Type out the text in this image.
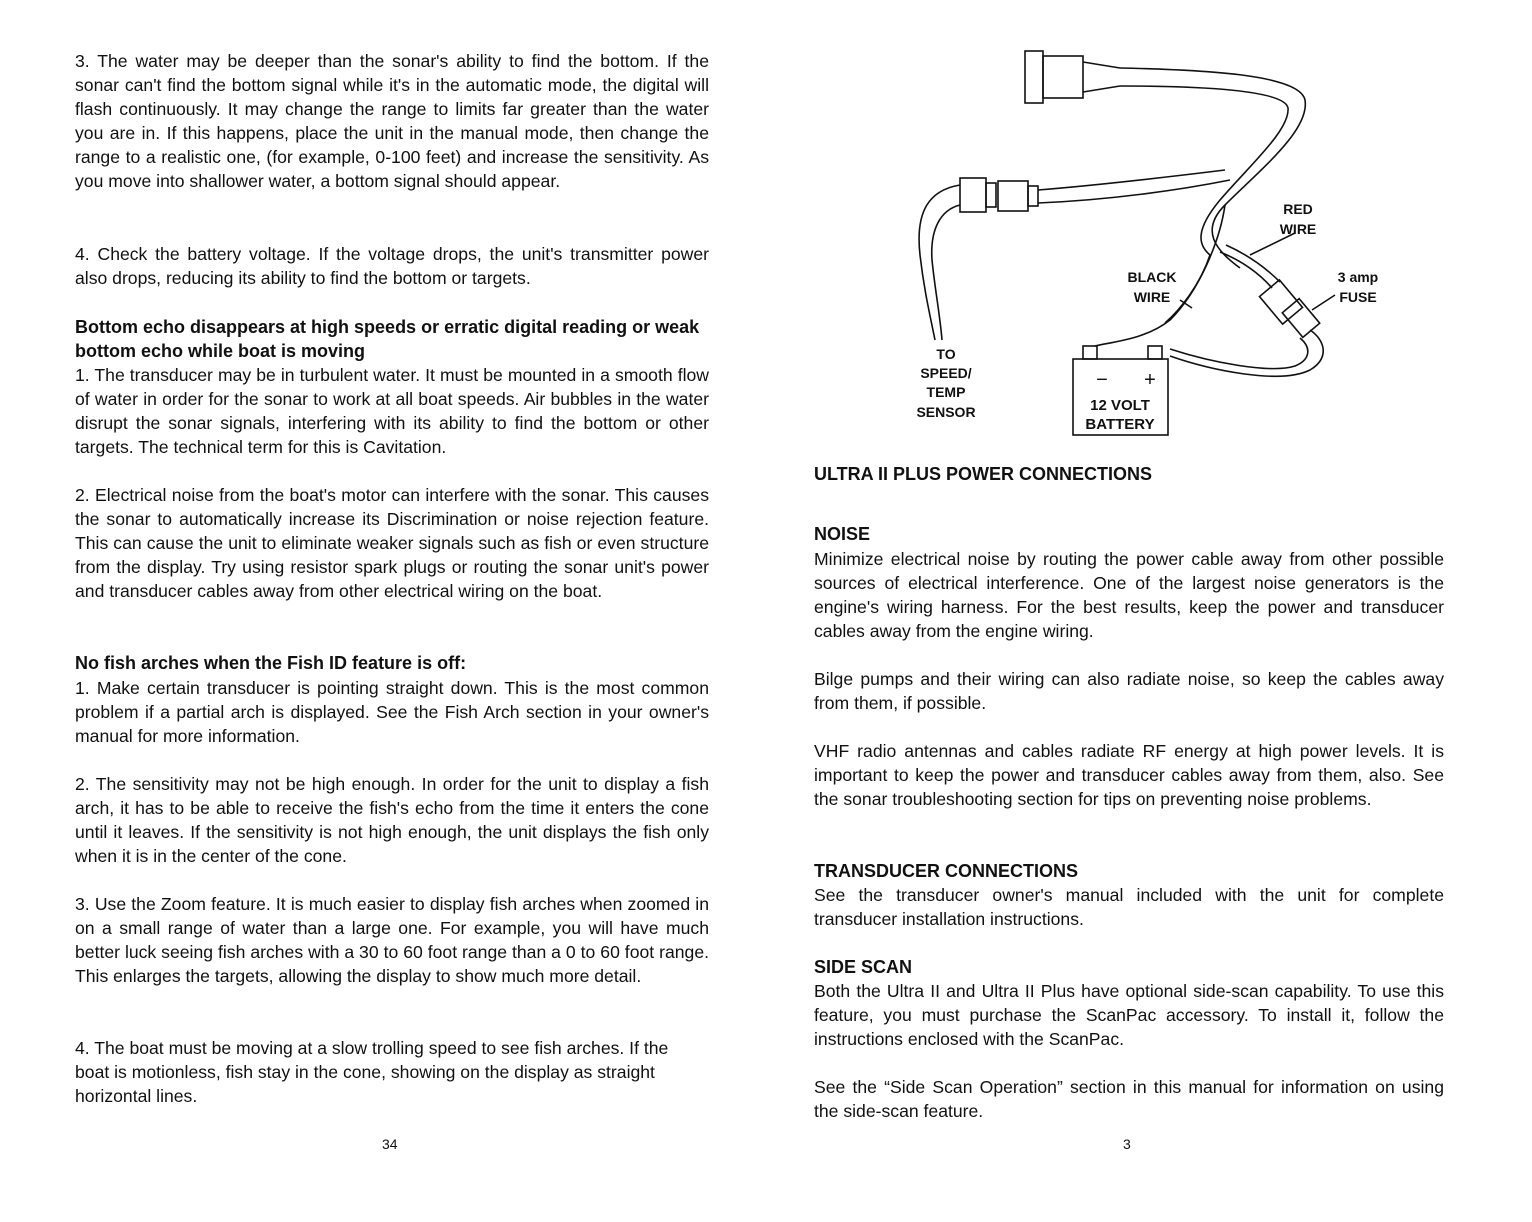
3. The water may be deeper than the sonar's ability to find the bottom. If the sonar can't find the bottom signal while it's in the automatic mode, the digital will flash continuously. It may change the range to limits far greater than the water you are in. If this happens, place the unit in the manual mode, then change the range to a realistic one, (for example, 0-100 feet) and increase the sensitivity. As you move into shallower water, a bottom signal should appear.

4. Check the battery voltage. If the voltage drops, the unit's transmitter power also drops, reducing its ability to find the bottom or targets.

Bottom echo disappears at high speeds or erratic digital reading or weak bottom echo while boat is moving

1. The transducer may be in turbulent water. It must be mounted in a smooth flow of water in order for the sonar to work at all boat speeds. Air bubbles in the water disrupt the sonar signals, interfering with its ability to find the bottom or other targets. The technical term for this is Cavitation.

2. Electrical noise from the boat's motor can interfere with the sonar. This causes the sonar to automatically increase its Discrimination or noise rejection feature. This can cause the unit to eliminate weaker signals such as fish or even structure from the display. Try using resistor spark plugs or routing the sonar unit's power and transducer cables away from other electrical wiring on the boat.

No fish arches when the Fish ID feature is off:

1. Make certain transducer is pointing straight down. This is the most common problem if a partial arch is displayed. See the Fish Arch section in your owner's manual for more information.

2. The sensitivity may not be high enough. In order for the unit to display a fish arch, it has to be able to receive the fish's echo from the time it enters the cone until it leaves. If the sensitivity is not high enough, the unit displays the fish only when it is in the center of the cone.

3. Use the Zoom feature. It is much easier to display fish arches when zoomed in on a small range of water than a large one. For example, you will have much better luck seeing fish arches with a 30 to 60 foot range than a 0 to 60 foot range. This enlarges the targets, allowing the display to show much more detail.

4. The boat must be moving at a slow trolling speed to see fish arches. If the boat is motionless, fish stay in the cone, showing on the display as straight horizontal lines.

34
TO
SPEED/
TEMP
SENSOR
BLACK
WIRE
RED
WIRE
3 amp
FUSE
− +
12 VOLT
BATTERY

ULTRA II PLUS POWER CONNECTIONS

NOISE

Minimize electrical noise by routing the power cable away from other possible sources of electrical interference. One of the largest noise generators is the engine's wiring harness. For the best results, keep the power and transducer cables away from the engine wiring.

Bilge pumps and their wiring can also radiate noise, so keep the cables away from them, if possible.

VHF radio antennas and cables radiate RF energy at high power levels. It is important to keep the power and transducer cables away from them, also. See the sonar troubleshooting section for tips on preventing noise problems.

TRANSDUCER CONNECTIONS

See the transducer owner's manual included with the unit for complete transducer installation instructions.

SIDE SCAN

Both the Ultra II and Ultra II Plus have optional side-scan capability. To use this feature, you must purchase the ScanPac accessory. To install it, follow the instructions enclosed with the ScanPac.

See the “Side Scan Operation” section in this manual for information on using the side-scan feature.

3
